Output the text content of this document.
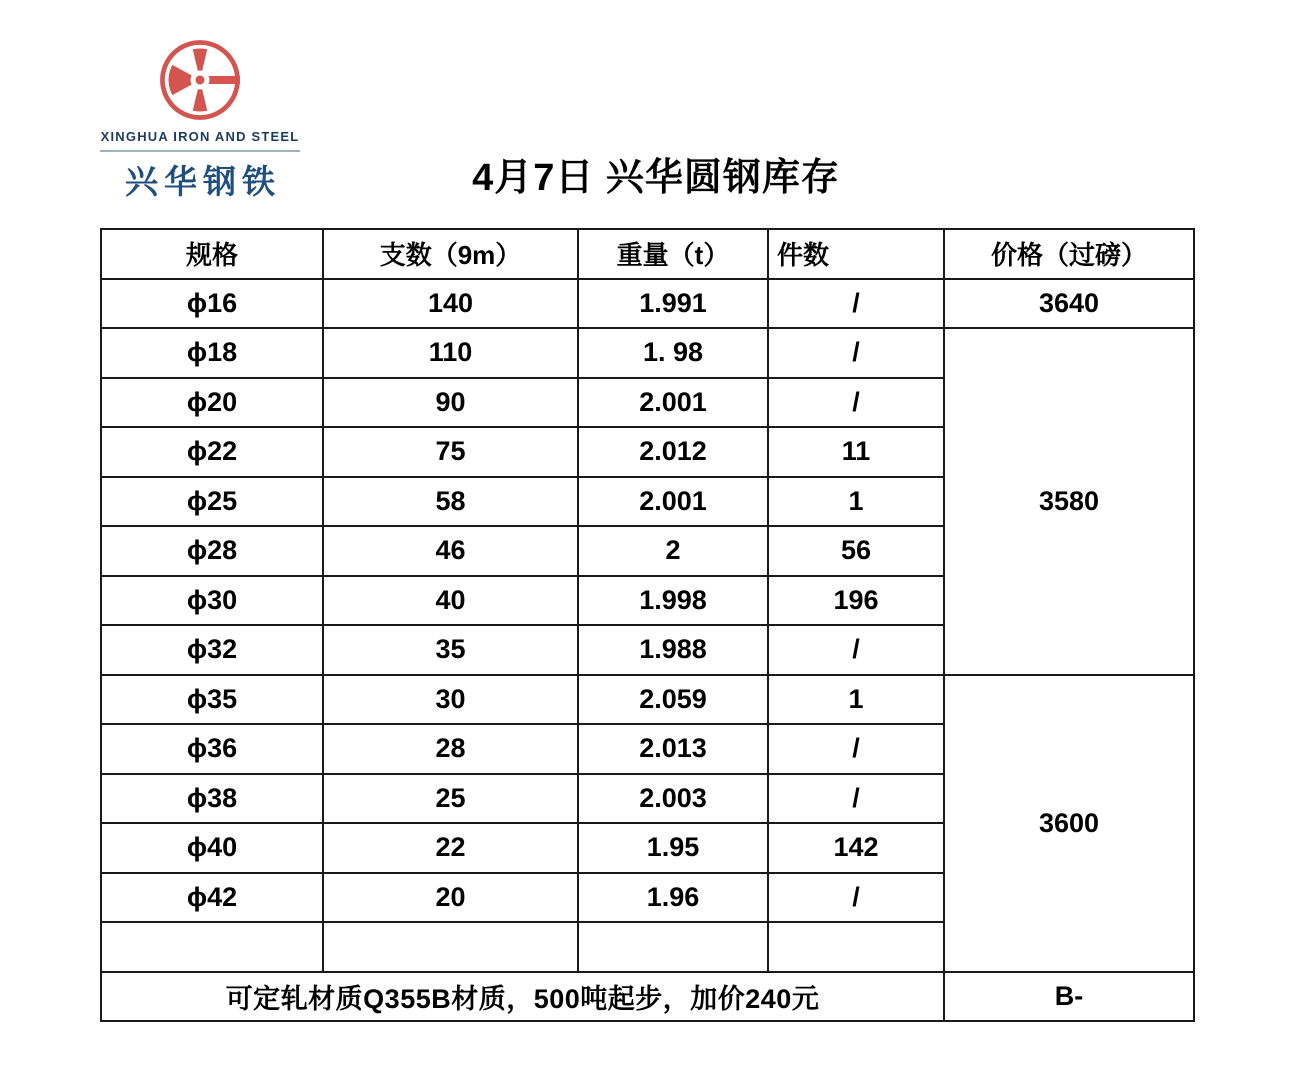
XINGHUA IRON AND STEEL
兴华钢铁	4月7日 兴华圆钢库存
规格	支数（9m）	重量（t）	件数	价格（过磅）
ϕ16	140	1.991	/	3640
ϕ18	110	1. 98	/	3580
ϕ20	90	2.001	/	
ϕ22	75	2.012	11	
ϕ25	58	2.001	1	
ϕ28	46	2	56	
ϕ30	40	1.998	196	
ϕ32	35	1.988	/	
ϕ35	30	2.059	1	3600
ϕ36	28	2.013	/	
ϕ38	25	2.003	/	
ϕ40	22	1.95	142	
ϕ42	20	1.96	/	

可定轧材质Q355B材质，500吨起步，加价240元				B-
